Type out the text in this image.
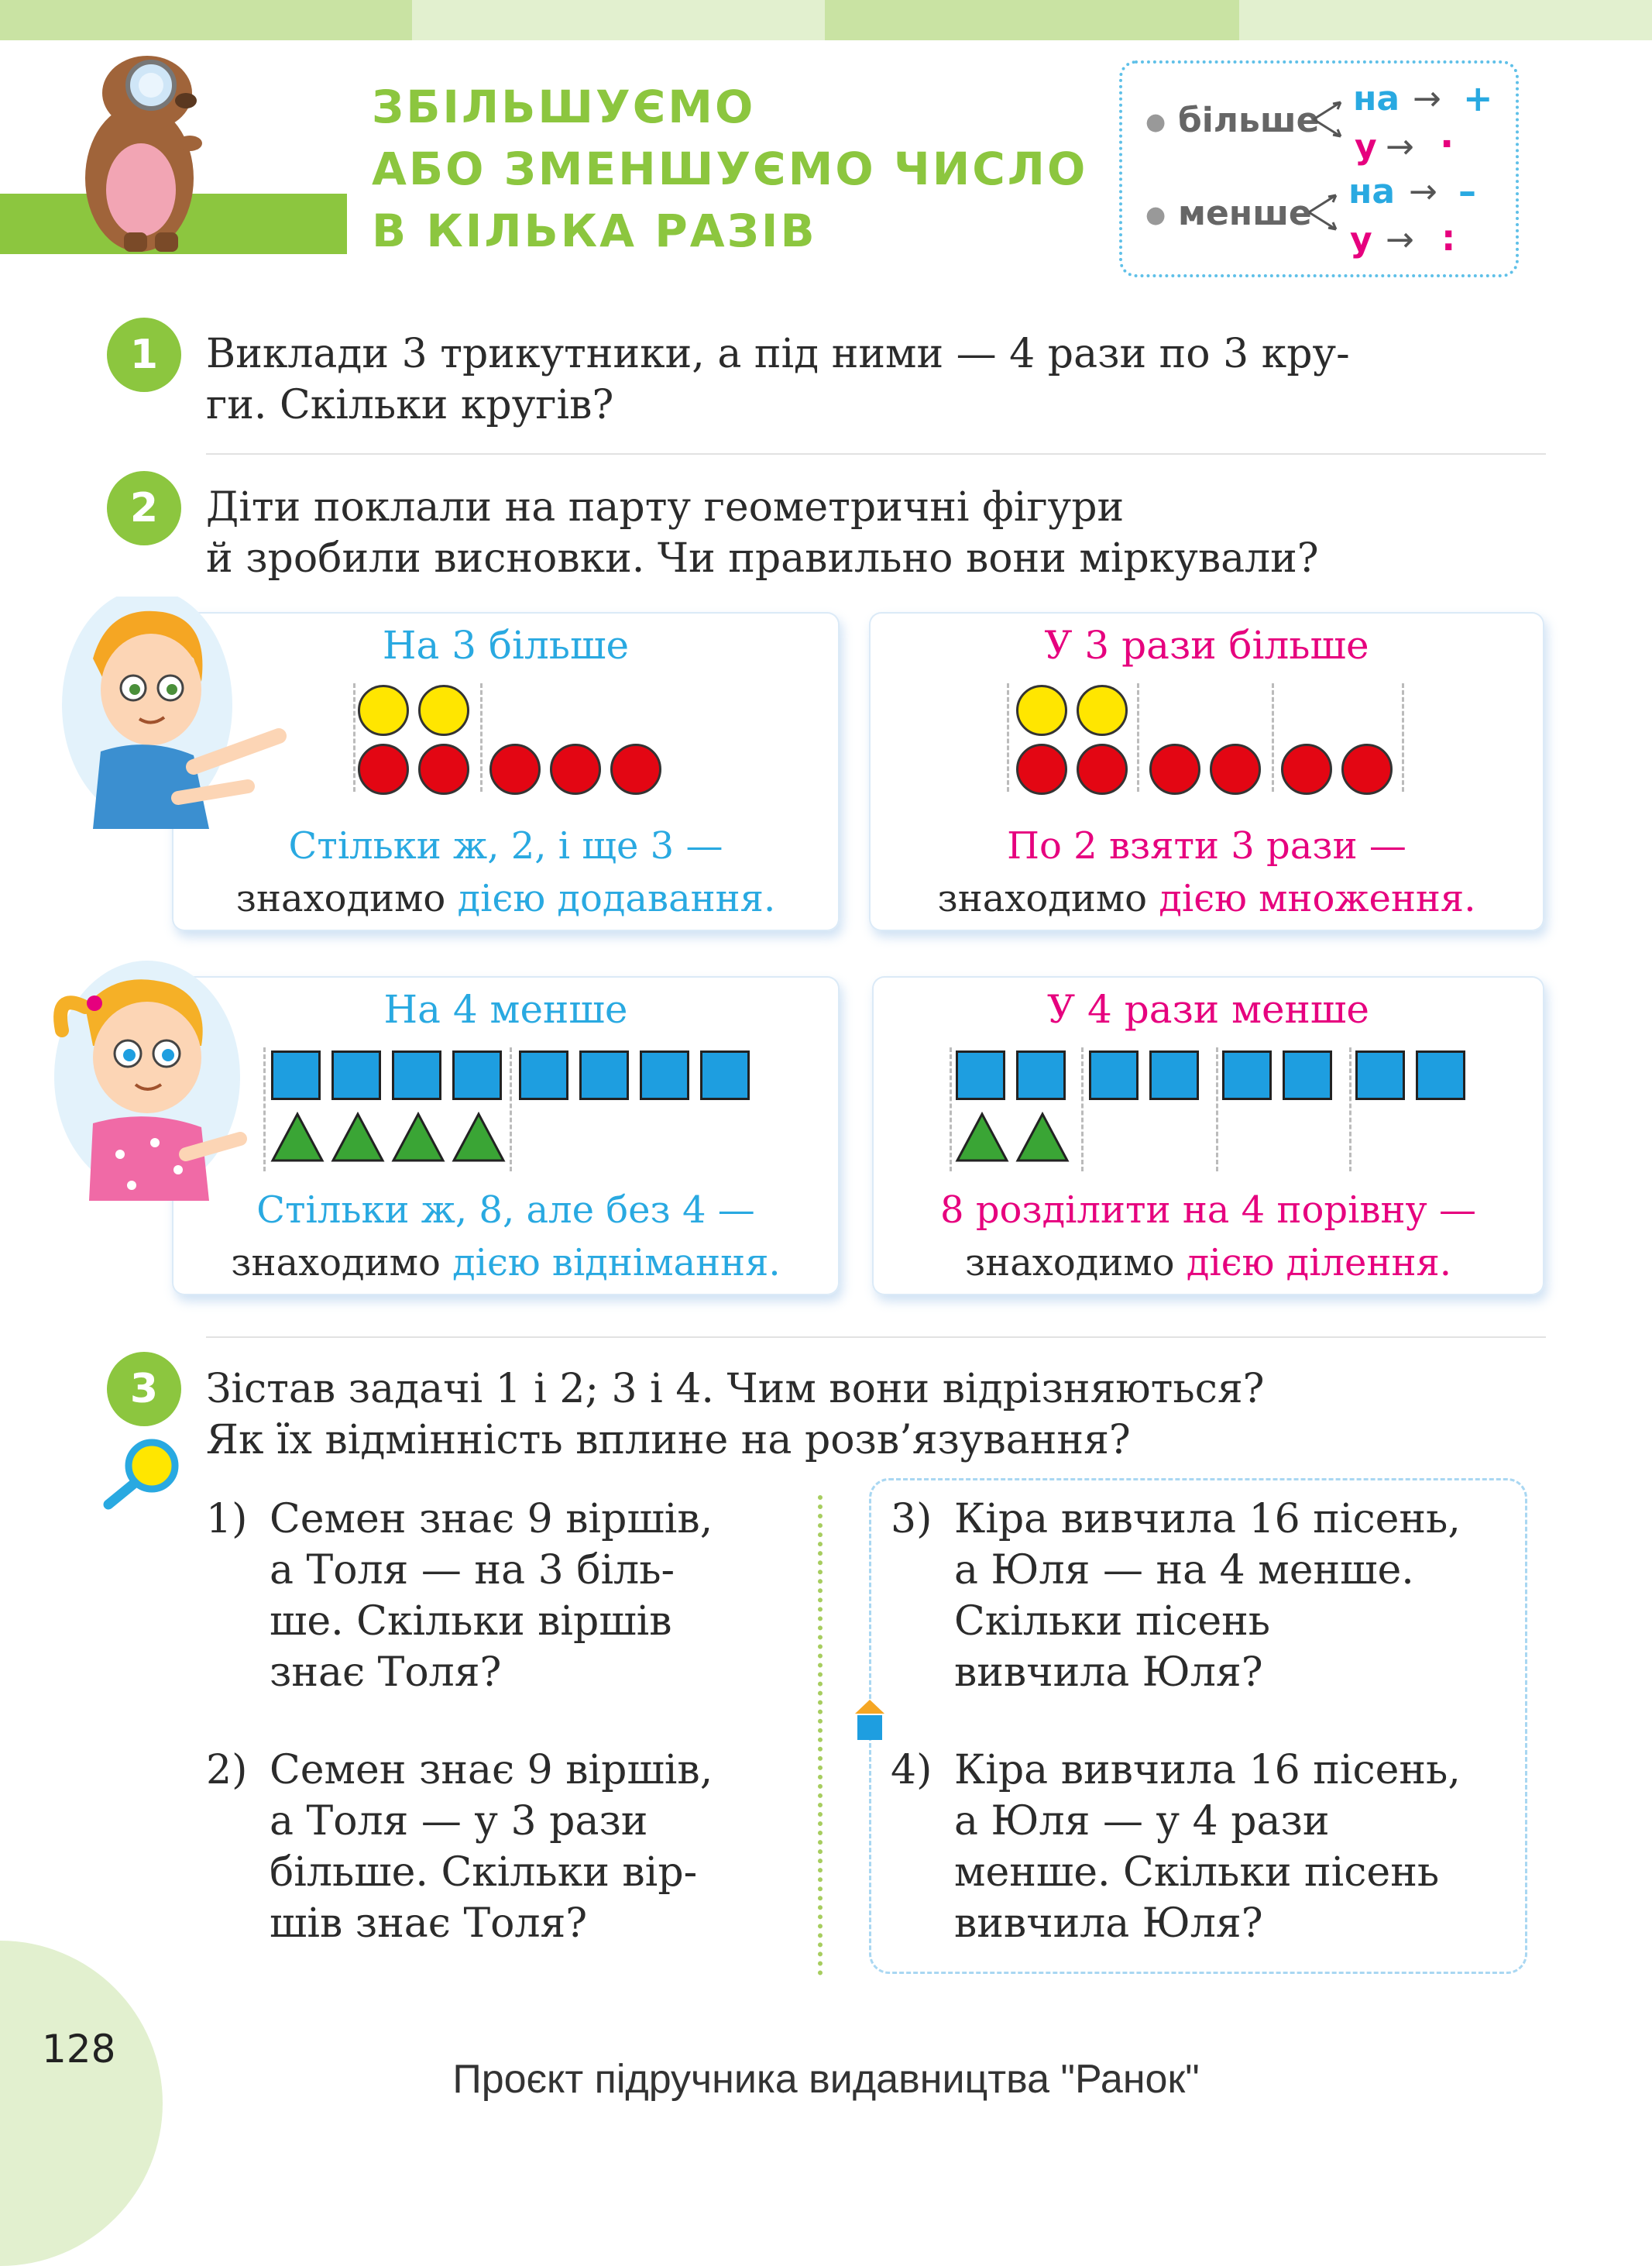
ЗБІЛЬШУЄМО
АБО ЗМЕНШУЄМО ЧИСЛО
В КІЛЬКА РАЗІВ
● більше
на → +
у → ·
● менше
на → –
у → :
1	Виклади 3 трикутники, а під ними — 4 рази по 3 кру-
ги. Скільки кругів?
2	Діти поклали на парту геометричні фігури
й зробили висновки. Чи правильно вони міркували?
На 3 більше
Стільки ж, 2, і ще 3 —
знаходимо дією додавання.
У 3 рази більше
По 2 взяти 3 рази —
знаходимо дією множення.
На 4 менше
Стільки ж, 8, але без 4 —
знаходимо дією віднімання.
У 4 рази менше
8 розділити на 4 порівну —
знаходимо дією ділення.
3	Зістав задачі 1 і 2; 3 і 4. Чим вони відрізняються?
Як їх відмінність вплине на розв’язування?
1) Семен знає 9 віршів,
а Толя — на 3 біль-
ше. Скільки віршів
знає Толя?
2) Семен знає 9 віршів,
а Толя — у 3 рази
більше. Скільки вір-
шів знає Толя?
3) Кіра вивчила 16 пісень,
а Юля — на 4 менше.
Скільки пісень
вивчила Юля?
4) Кіра вивчила 16 пісень,
а Юля — у 4 рази
менше. Скільки пісень
вивчила Юля?
128
Проєкт підручника видавництва "Ранок"
